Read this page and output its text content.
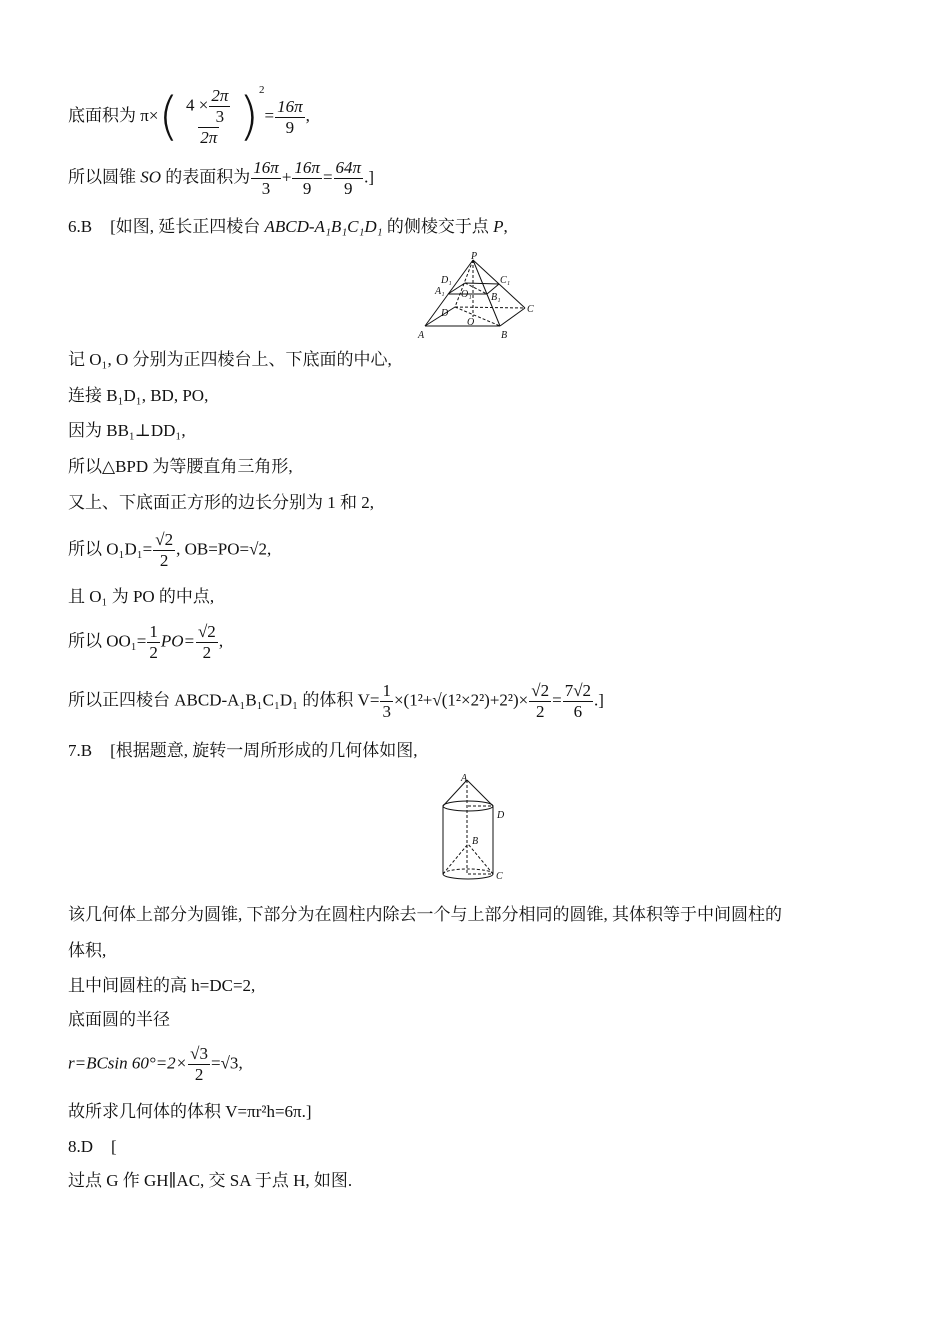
底面积为 $\pi\times( \frac{4 \times \frac{2\pi}{3}}{2\pi} )^2= \frac{16\pi}{9}$ ,
所以圆锥 SO 的表面积为 $\frac{16\pi}{3} + \frac{16\pi}{9} = \frac{64\pi}{9}$ .]
6.B [如图, 延长正四棱台 ABCD-A₁B₁C₁D₁ 的侧棱交于点 P,
P
D₁	C₁
A₁ O₁ B₁
D
O
C
A	B
记 O₁, O 分别为正四棱台上、下底面的中心,
连接 B₁D₁, BD, PO,
因为 BB₁⊥DD₁,
所以△BPD 为等腰直角三角形,
又上、下底面正方形的边长分别为 1 和 2,
所以 $O_1D_1= \frac{√2}{2}$ , OB=PO=√2,
且 O₁ 为 PO 的中点,
所以 $OO_1= \frac{1}{2} PO= \frac{√2}{2}$ ,
所以正四棱台 ABCD-A₁B₁C₁D₁ 的体积 $V= \frac{1}{3} \times(1^2+√(1^2\times 2^2)+2^2)\times \frac{√2}{2} = \frac{7√2}{6}$ .]
7.B [根据题意, 旋转一周所形成的几何体如图,
A
D
B
C
该几何体上部分为圆锥, 下部分为在圆柱内除去一个与上部分相同的圆锥, 其体积等于中间圆柱的
体积,
且中间圆柱的高 h=DC=2,
底面圆的半径
r=BCsin $60^\circ=2\times \frac{√3}{2} =√3$,
故所求几何体的体积 V=πr²h=6π.]
8.D [
过点 G 作 GH∥AC, 交 SA 于点 H, 如图.
